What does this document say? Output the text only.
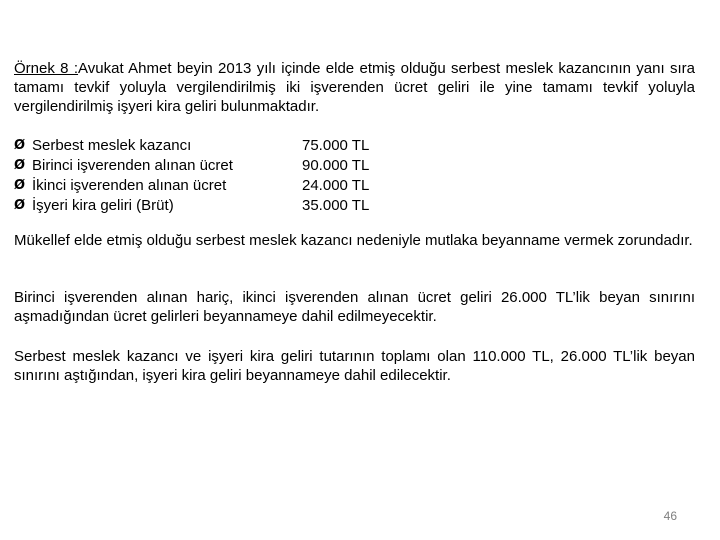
Örnek 8 :Avukat Ahmet beyin 2013 yılı içinde elde etmiş olduğu serbest meslek kazancının yanı sıra tamamı tevkif yoluyla vergilendirilmiş iki işverenden ücret geliri ile yine tamamı tevkif yoluyla vergilendirilmiş işyeri kira geliri bulunmaktadır.
Ø Serbest meslek kazancı	75.000 TL
Ø Birinci işverenden alınan ücret	90.000 TL
Ø İkinci işverenden alınan ücret	24.000 TL
Ø İşyeri kira geliri (Brüt)	35.000 TL
Mükellef elde etmiş olduğu serbest meslek kazancı nedeniyle mutlaka beyanname vermek zorundadır.
Birinci işverenden alınan hariç, ikinci işverenden alınan ücret geliri 26.000 TL’lik beyan sınırını aşmadığından ücret gelirleri beyannameye dahil edilmeyecektir.
Serbest meslek kazancı ve işyeri kira geliri tutarının toplamı olan 110.000 TL, 26.000 TL’lik beyan sınırını aştığından, işyeri kira geliri beyannameye dahil edilecektir.
46
